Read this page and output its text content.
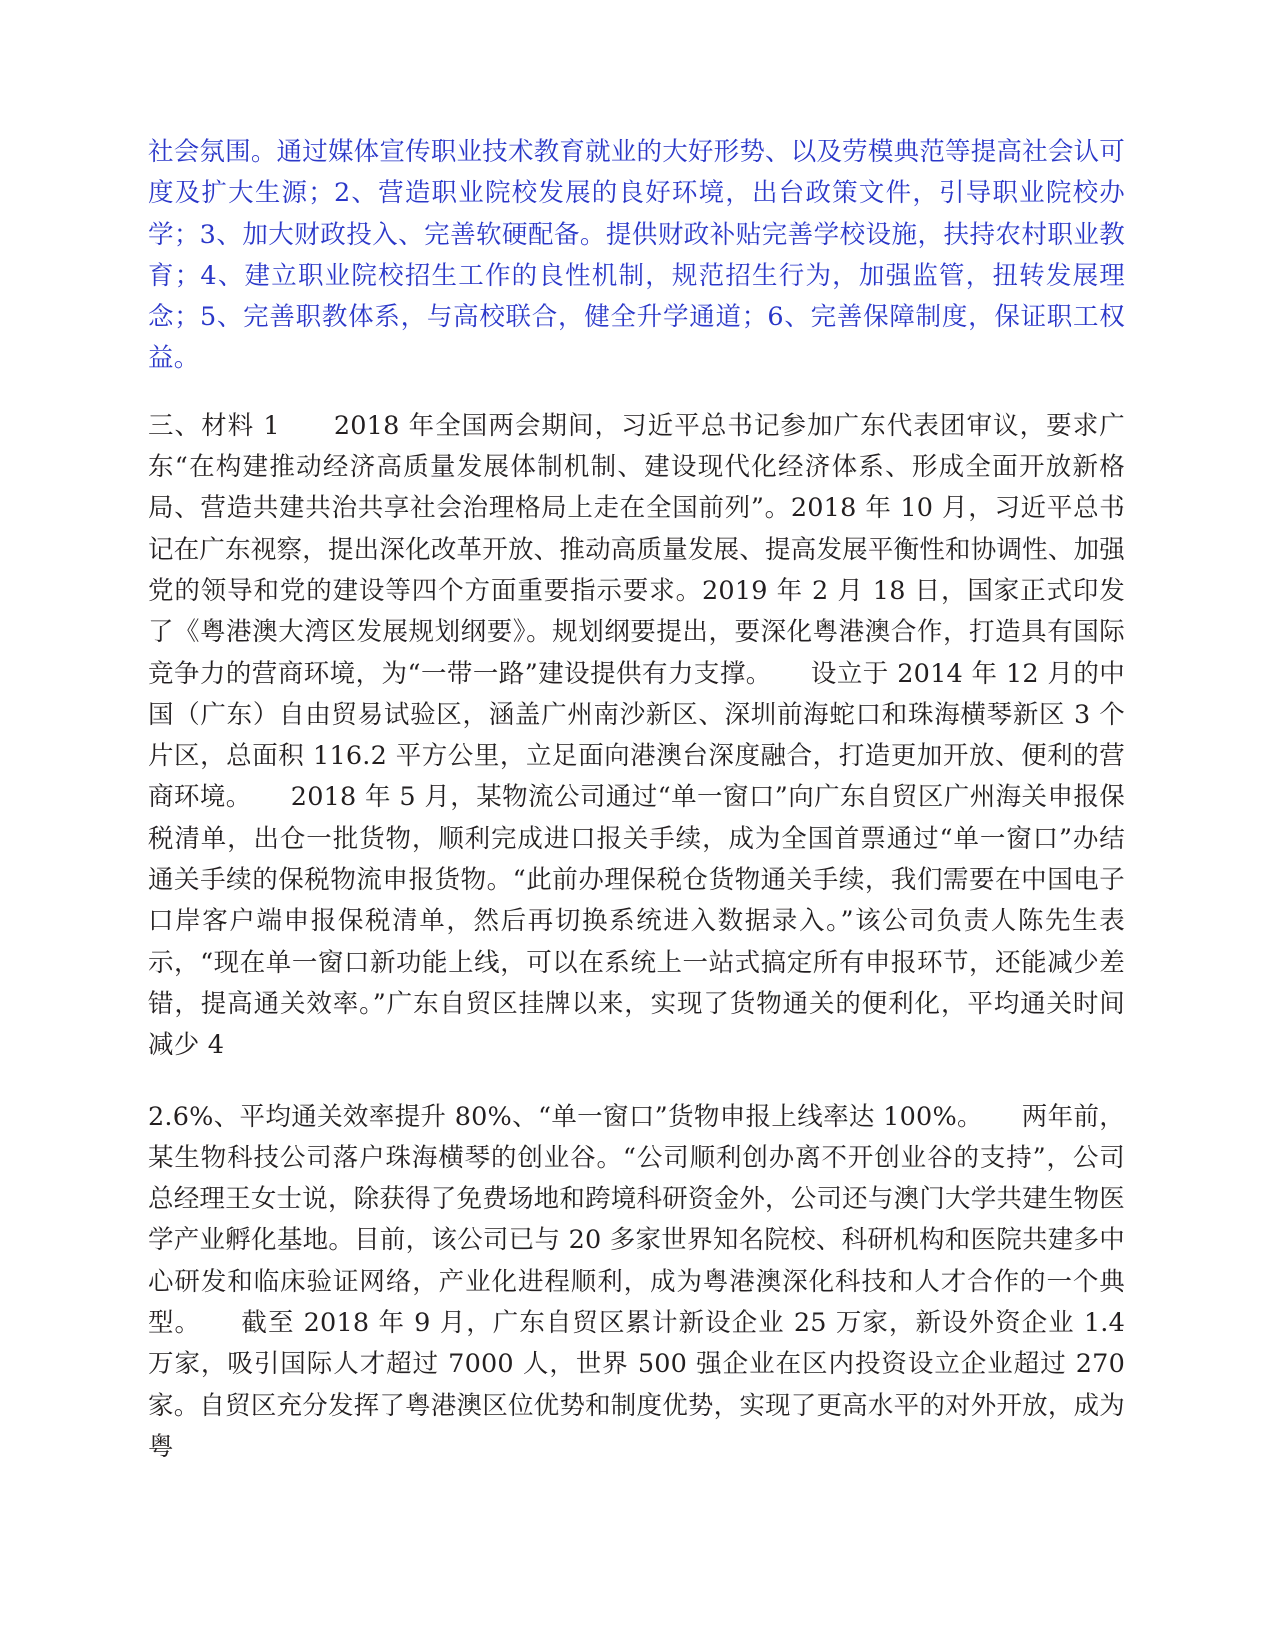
社会氛围。通过媒体宣传职业技术教育就业的大好形势、以及劳模典范等提高社会认可度及扩大生源；2、营造职业院校发展的良好环境，出台政策文件，引导职业院校办学；3、加大财政投入、完善软硬配备。提供财政补贴完善学校设施，扶持农村职业教育；4、建立职业院校招生工作的良性机制，规范招生行为，加强监管，扭转发展理念；5、完善职教体系，与高校联合，健全升学通道；6、完善保障制度，保证职工权益。

三、材料 1　　2018 年全国两会期间，习近平总书记参加广东代表团审议，要求广东“在构建推动经济高质量发展体制机制、建设现代化经济体系、形成全面开放新格局、营造共建共治共享社会治理格局上走在全国前列”。2018 年 10 月，习近平总书记在广东视察，提出深化改革开放、推动高质量发展、提高发展平衡性和协调性、加强党的领导和党的建设等四个方面重要指示要求。2019 年 2 月 18 日，国家正式印发了《粤港澳大湾区发展规划纲要》。规划纲要提出，要深化粤港澳合作，打造具有国际竞争力的营商环境，为“一带一路”建设提供有力支撑。　　设立于 2014 年 12 月的中国（广东）自由贸易试验区，涵盖广州南沙新区、深圳前海蛇口和珠海横琴新区 3 个片区，总面积 116.2 平方公里，立足面向港澳台深度融合，打造更加开放、便利的营商环境。　　2018 年 5 月，某物流公司通过“单一窗口”向广东自贸区广州海关申报保税清单，出仓一批货物，顺利完成进口报关手续，成为全国首票通过“单一窗口”办结通关手续的保税物流申报货物。“此前办理保税仓货物通关手续，我们需要在中国电子口岸客户端申报保税清单，然后再切换系统进入数据录入。”该公司负责人陈先生表示，“现在单一窗口新功能上线，可以在系统上一站式搞定所有申报环节，还能减少差错，提高通关效率。”广东自贸区挂牌以来，实现了货物通关的便利化，平均通关时间减少 4

2.6%、平均通关效率提升 80%、“单一窗口”货物申报上线率达 100%。　　两年前，某生物科技公司落户珠海横琴的创业谷。“公司顺利创办离不开创业谷的支持”，公司总经理王女士说，除获得了免费场地和跨境科研资金外，公司还与澳门大学共建生物医学产业孵化基地。目前，该公司已与 20 多家世界知名院校、科研机构和医院共建多中心研发和临床验证网络，产业化进程顺利，成为粤港澳深化科技和人才合作的一个典型。　　截至 2018 年 9 月，广东自贸区累计新设企业 25 万家，新设外资企业 1.4 万家，吸引国际人才超过 7000 人，世界 500 强企业在区内投资设立企业超过 270 家。自贸区充分发挥了粤港澳区位优势和制度优势，实现了更高水平的对外开放，成为粤
